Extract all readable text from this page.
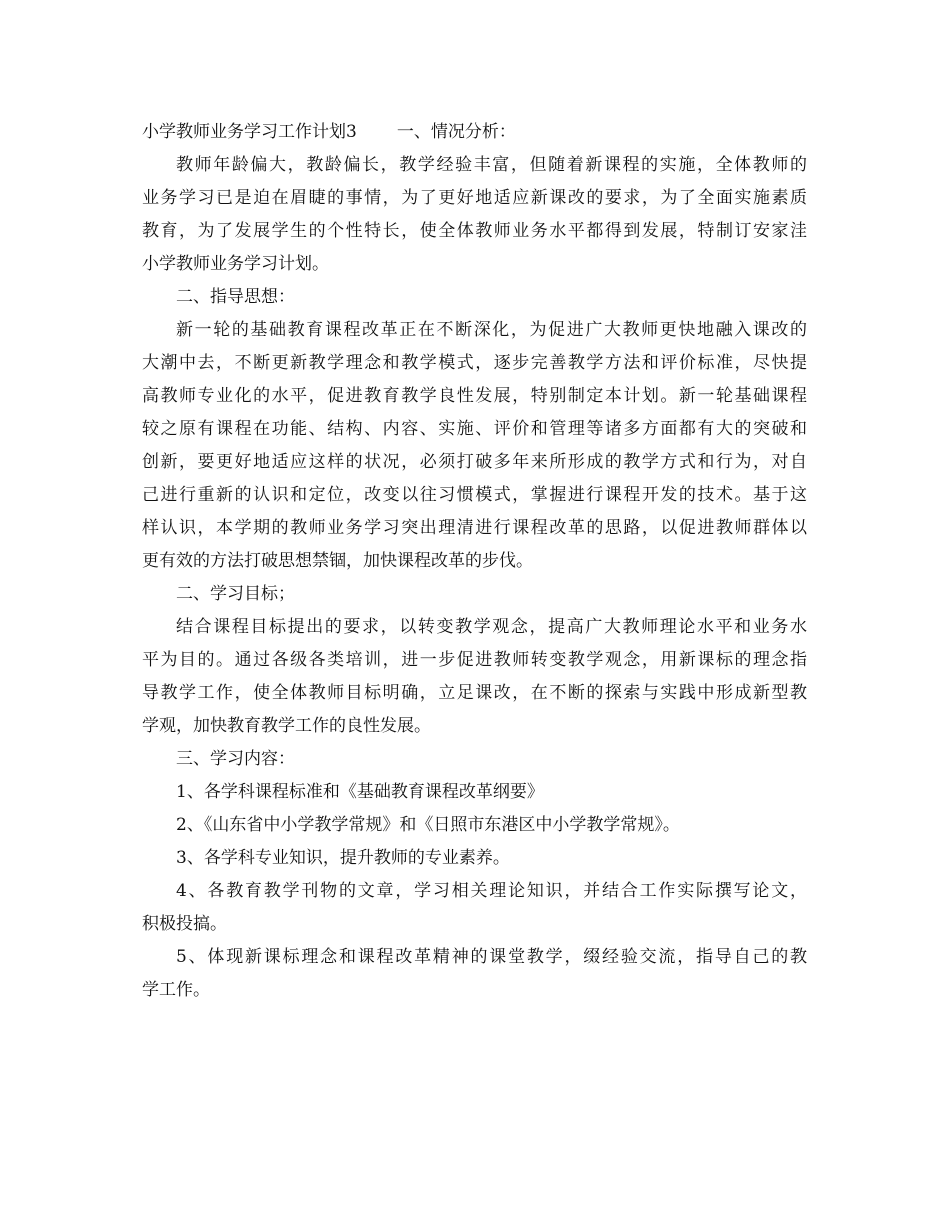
小学教师业务学习工作计划3 一、情况分析：
教师年龄偏大，教龄偏长，教学经验丰富，但随着新课程的实施，全体教师的
业务学习已是迫在眉睫的事情，为了更好地适应新课改的要求，为了全面实施素质
教育，为了发展学生的个性特长，使全体教师业务水平都得到发展，特制订安家洼
小学教师业务学习计划。
二、指导思想：
新一轮的基础教育课程改革正在不断深化，为促进广大教师更快地融入课改的
大潮中去，不断更新教学理念和教学模式，逐步完善教学方法和评价标准，尽快提
高教师专业化的水平，促进教育教学良性发展，特别制定本计划。新一轮基础课程
较之原有课程在功能、结构、内容、实施、评价和管理等诸多方面都有大的突破和
创新，要更好地适应这样的状况，必须打破多年来所形成的教学方式和行为，对自
己进行重新的认识和定位，改变以往习惯模式，掌握进行课程开发的技术。基于这
样认识，本学期的教师业务学习突出理清进行课程改革的思路，以促进教师群体以
更有效的方法打破思想禁锢，加快课程改革的步伐。
二、学习目标；
结合课程目标提出的要求，以转变教学观念，提高广大教师理论水平和业务水
平为目的。通过各级各类培训，进一步促进教师转变教学观念，用新课标的理念指
导教学工作，使全体教师目标明确，立足课改，在不断的探索与实践中形成新型教
学观，加快教育教学工作的良性发展。
三、学习内容：
1、各学科课程标准和《基础教育课程改革纲要》
2、《山东省中小学教学常规》和《日照市东港区中小学教学常规》。
3、各学科专业知识，提升教师的专业素养。
4、各教育教学刊物的文章，学习相关理论知识，并结合工作实际撰写论文，
积极投搞。
5、体现新课标理念和课程改革精神的课堂教学，缀经验交流，指导自己的教
学工作。
